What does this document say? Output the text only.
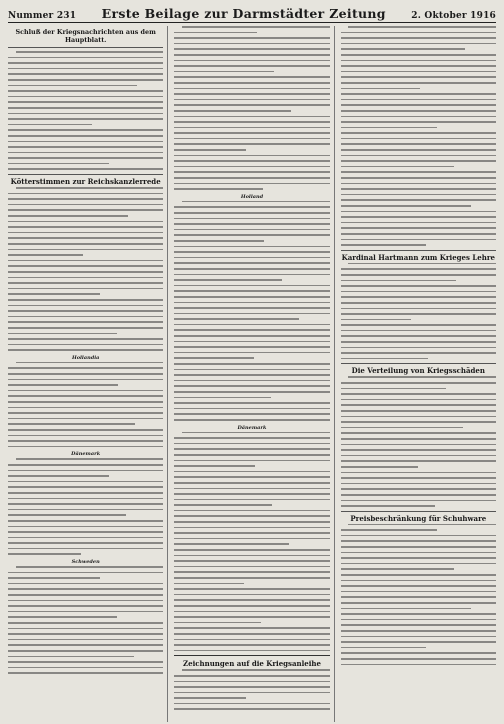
Nummer 231	Erste Beilage zur Darmstädter Zeitung	2. Oktober 1916
Schluß der Kriegsnachrichten aus dem Hauptblatt.
Kötterstimmen zur Reichskanzlerrede
Hollandia
Dänemark
Schweden
Holland
Dänemark
Zeichnungen auf die Kriegsanleihe
Kardinal Hartmann zum Krieges Lehre
Die Verteilung von Kriegsschäden
Preisbeschränkung für Schuhware
